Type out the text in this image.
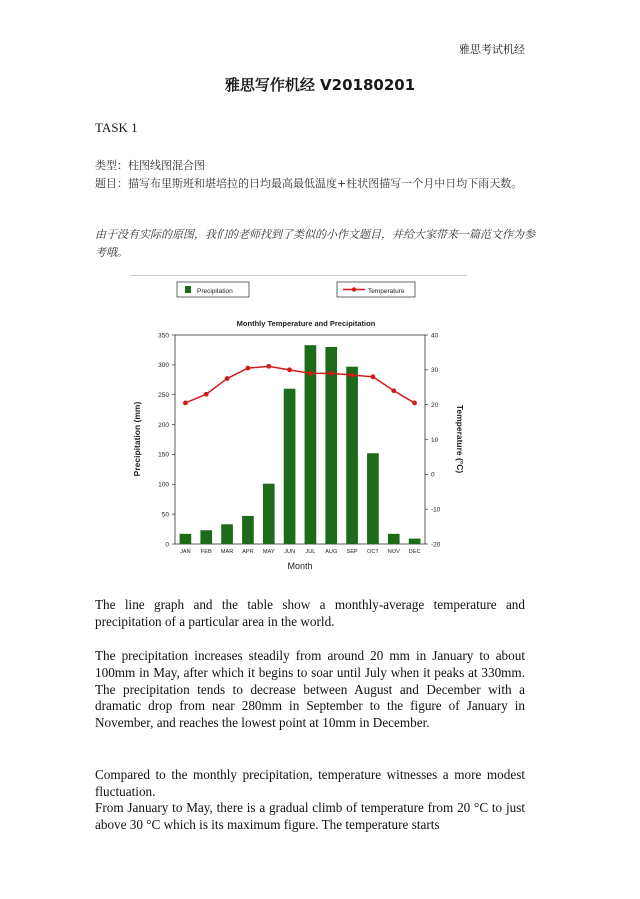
雅思考试机经
雅思写作机经 V20180201
TASK 1
类型：柱图线图混合图
题目：描写布里斯班和堪培拉的日均最高最低温度+柱状图描写一个月中日均下雨天数。
由于没有实际的原图，我们的老师找到了类似的小作文题目，并给大家带来一篇范文作为参考哦。
Precipitation	Temperature
Monthly Temperature and Precipitation
Precipitation (mm)	Temperature (°C)
Month
0
50
100
150
200
250
300
350
-20
-10
0
10
20
30
40
JAN FEB MAR APR MAY JUN JUL AUG SEP OCT NOV DEC
The line graph and the table show a monthly-average temperature and precipitation of a particular area in the world.
The precipitation increases steadily from around 20 mm in January to about 100mm in May, after which it begins to soar until July when it peaks at 330mm. The precipitation tends to decrease between August and December with a dramatic drop from near 280mm in September to the figure of January in November, and reaches the lowest point at 10mm in December.
Compared to the monthly precipitation, temperature witnesses a more modest fluctuation.
From January to May, there is a gradual climb of temperature from 20 °C to just above 30 °C which is its maximum figure. The temperature starts
